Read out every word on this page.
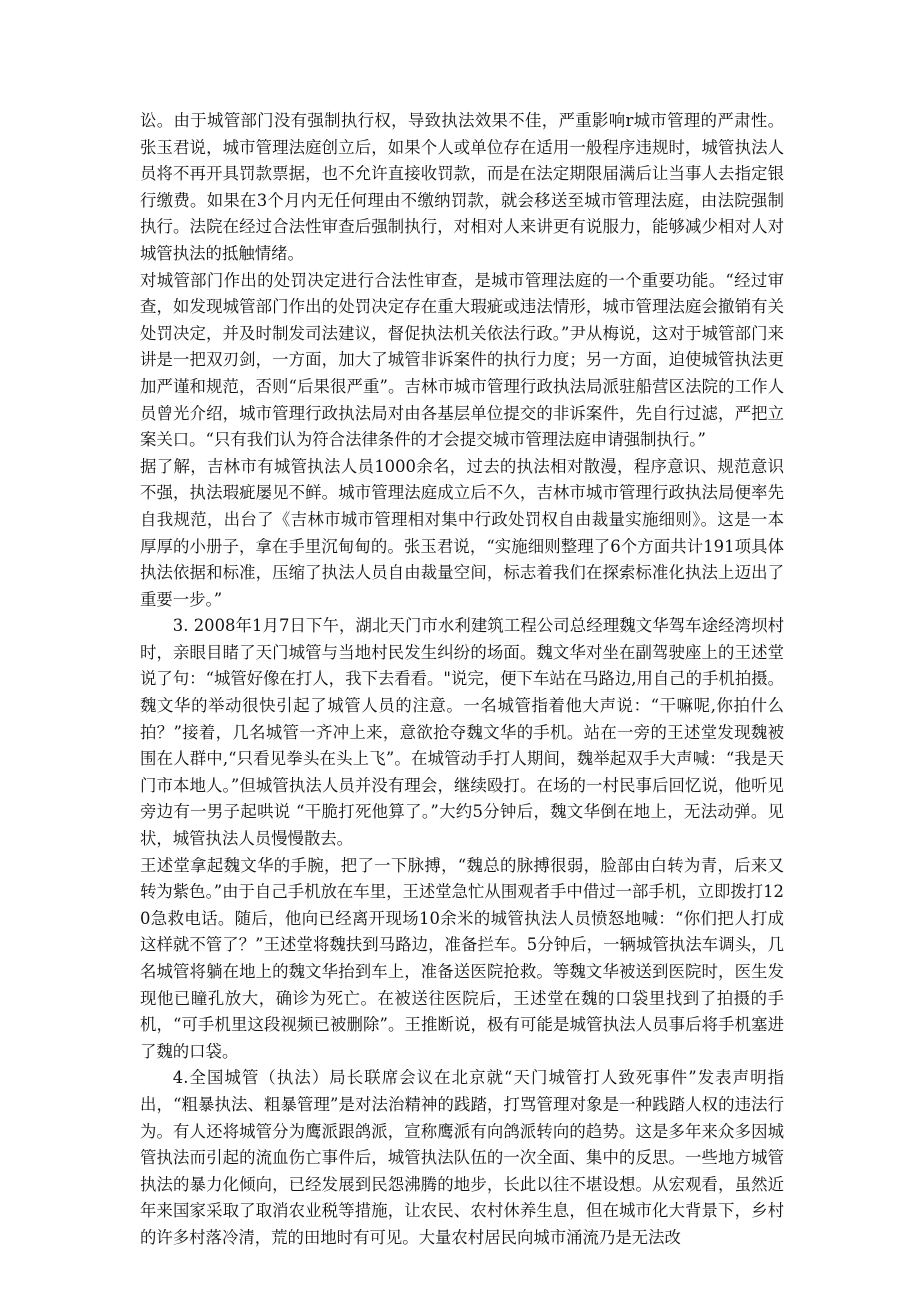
讼。由于城管部门没有强制执行权，导致执法效果不佳，严重影响r城市管理的严肃性。张玉君说，城市管理法庭创立后，如果个人或单位存在适用一般程序违规时，城管执法人员将不再开具罚款票据，也不允许直接收罚款，而是在法定期限届满后让当事人去指定银行缴费。如果在3个月内无任何理由不缴纳罚款，就会移送至城市管理法庭，由法院强制执行。法院在经过合法性审查后强制执行，对相对人来讲更有说服力，能够减少相对人对城管执法的抵触情绪。

对城管部门作出的处罚决定进行合法性审查，是城市管理法庭的一个重要功能。“经过审查，如发现城管部门作出的处罚决定存在重大瑕疵或违法情形，城市管理法庭会撤销有关处罚决定，并及时制发司法建议，督促执法机关依法行政。”尹从梅说，这对于城管部门来讲是一把双刃剑，一方面，加大了城管非诉案件的执行力度；另一方面，迫使城管执法更加严谨和规范，否则“后果很严重”。吉林市城市管理行政执法局派驻船营区法院的工作人员曾光介绍，城市管理行政执法局对由各基层单位提交的非诉案件，先自行过滤，严把立案关口。“只有我们认为符合法律条件的才会提交城市管理法庭申请强制执行。”

据了解，吉林市有城管执法人员1000余名，过去的执法相对散漫，程序意识、规范意识不强，执法瑕疵屡见不鲜。城市管理法庭成立后不久，吉林市城市管理行政执法局便率先自我规范，出台了《吉林市城市管理相对集中行政处罚权自由裁量实施细则》。这是一本厚厚的小册子，拿在手里沉甸甸的。张玉君说，“实施细则整理了6个方面共计191项具体执法依据和标准，压缩了执法人员自由裁量空间，标志着我们在探索标准化执法上迈出了重要一步。”

3. 2008年1月7日下午，湖北天门市水利建筑工程公司总经理魏文华驾车途经湾坝村时，亲眼目睹了天门城管与当地村民发生纠纷的场面。魏文华对坐在副驾驶座上的王述堂说了句：“城管好像在打人，我下去看看。"说完，便下车站在马路边,用自己的手机拍摄。魏文华的举动很快引起了城管人员的注意。一名城管指着他大声说：“干嘛呢,你拍什么拍？”接着，几名城管一齐冲上来，意欲抢夺魏文华的手机。站在一旁的王述堂发现魏被围在人群中,“只看见拳头在头上飞”。在城管动手打人期间，魏举起双手大声喊：“我是天门市本地人。”但城管执法人员并没有理会，继续殴打。在场的一村民事后回忆说，他听见旁边有一男子起哄说 “干脆打死他算了。”大约5分钟后，魏文华倒在地上，无法动弹。见状，城管执法人员慢慢散去。

王述堂拿起魏文华的手腕，把了一下脉搏，“魏总的脉搏很弱，脸部由白转为青，后来又转为紫色。”由于自己手机放在车里，王述堂急忙从围观者手中借过一部手机，立即拨打120急救电话。随后，他向已经离开现场10余米的城管执法人员愤怒地喊：“你们把人打成这样就不管了？”王述堂将魏扶到马路边，准备拦车。5分钟后，一辆城管执法车调头，几名城管将躺在地上的魏文华抬到车上，准备送医院抢救。等魏文华被送到医院时，医生发现他已瞳孔放大，确诊为死亡。在被送往医院后，王述堂在魏的口袋里找到了拍摄的手机，“可手机里这段视频已被删除”。王推断说，极有可能是城管执法人员事后将手机塞进了魏的口袋。

4.全国城管（执法）局长联席会议在北京就“天门城管打人致死事件”发表声明指出，“粗暴执法、粗暴管理”是对法治精神的践踏，打骂管理对象是一种践踏人权的违法行为。有人还将城管分为鹰派跟鸽派，宣称鹰派有向鸽派转向的趋势。这是多年来众多因城管执法而引起的流血伤亡事件后，城管执法队伍的一次全面、集中的反思。一些地方城管执法的暴力化倾向，已经发展到民怨沸腾的地步，长此以往不堪设想。从宏观看，虽然近年来国家采取了取消农业税等措施，让农民、农村休养生息，但在城市化大背景下，乡村的许多村落冷清，荒的田地时有可见。大量农村居民向城市涌流乃是无法改
